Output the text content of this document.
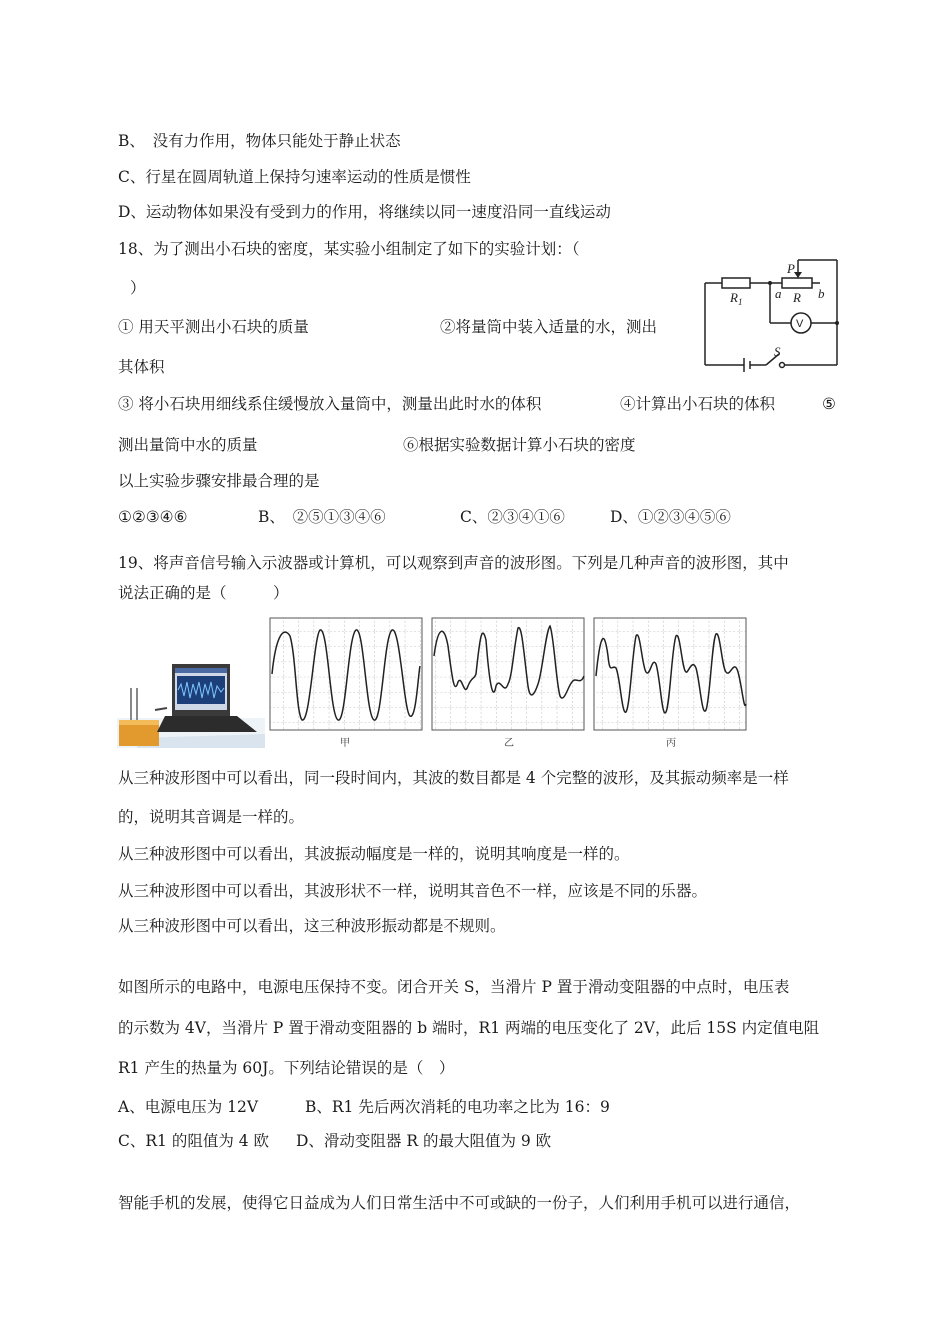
B、　没有力作用，物体只能处于静止状态
C、行星在圆周轨道上保持匀速率运动的性质是惯性
D、运动物体如果没有受到力的作用，将继续以同一速度沿同一直线运动
18、为了测出小石块的密度，某实验小组制定了如下的实验计划：（
）
① 用天平测出小石块的质量	②将量筒中装入适量的水，测出
其体积
③ 将小石块用细线系住缓慢放入量筒中，测量出此时水的体积	④计算出小石块的体积	⑤
测出量筒中水的质量	⑥根据实验数据计算小石块的密度
以上实验步骤安排最合理的是
①②③④⑥	B、　②⑤①③④⑥	C、②③④①⑥	D、①②③④⑤⑥
$R_1$
P
a R b
S
V
19、将声音信号输入示波器或计算机，可以观察到声音的波形图。下列是几种声音的波形图，其中
说法正确的是（　　　）
甲	乙	丙
从三种波形图中可以看出，同一段时间内，其波的数目都是 4 个完整的波形，及其振动频率是一样
的，说明其音调是一样的。
从三种波形图中可以看出，其波振动幅度是一样的，说明其响度是一样的。
从三种波形图中可以看出，其波形状不一样，说明其音色不一样，应该是不同的乐器。
从三种波形图中可以看出，这三种波形振动都是不规则。
如图所示的电路中，电源电压保持不变。闭合开关 S，当滑片 P 置于滑动变阻器的中点时，电压表
的示数为 4V，当滑片 P 置于滑动变阻器的 b 端时，R1 两端的电压变化了 2V，此后 15S 内定值电阻
R1 产生的热量为 60J。下列结论错误的是（　）
A、电源电压为 12V	B、R1 先后两次消耗的电功率之比为 16：9
C、R1 的阻值为 4 欧 D、滑动变阻器 R 的最大阻值为 9 欧
智能手机的发展，使得它日益成为人们日常生活中不可或缺的一份子，人们利用手机可以进行通信，
